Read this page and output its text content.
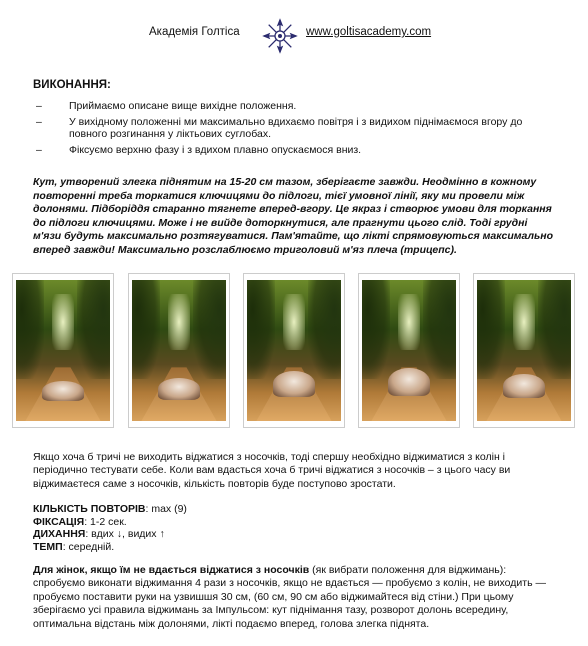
Академія Голтіса	www.goltisacademy.com
ВИКОНАННЯ:
–	Приймаємо описане вище вихідне положення.
–	У вихідному положенні ми максимально вдихаємо повітря і з видихом піднімаємося вгору до повного розгинання у ліктьових суглобах.
–	Фіксуємо верхню фазу і з вдихом плавно опускаємося вниз.
Кут, утворений злегка піднятим на 15-20 см тазом, зберігаєте завжди. Неодмінно в кожному повторенні треба торкатися ключицями до підлоги, тієї умовної лінії, яку ми провели між долонями. Підборіддя старанно тягнете вперед-вгору. Це якраз і створює умови для торкання до підлоги ключицями. Може і не вийде доторкнутися, але прагнути цього слід. Тоді грудні м'язи будуть максимально розтягуватися. Пам'ятайте, що лікті спрямовуються максимально вперед завжди! Максимально розслаблюємо триголовий м'яз плеча (трицепс).
Якщо хоча б тричі не виходить віджатися з носочків, тоді спершу необхідно віджиматися з колін і періодично тестувати себе. Коли вам вдасться хоча б тричі віджатися з носочків – з цього часу ви віджимаєтеся саме з носочків, кількість повторів буде поступово зростати.
КІЛЬКІСТЬ ПОВТОРІВ: max (9)
ФІКСАЦІЯ: 1-2 сек.
ДИХАННЯ: вдих ↓, видих ↑
ТЕМП: середній.
Для жінок, якщо їм не вдається віджатися з носочків (як вибрати положення для віджимань): спробуємо виконати віджимання 4 рази з носочків, якщо не вдається — пробуємо з колін, не виходить — пробуємо поставити руки на узвишшя 30 см, (60 см, 90 см або віджимайтеся від стіни.) При цьому зберігаємо усі правила віджимань за Імпульсом: кут піднімання тазу, розворот долонь всередину, оптимальна відстань між долонями, лікті подаємо вперед, голова злегка піднята.
